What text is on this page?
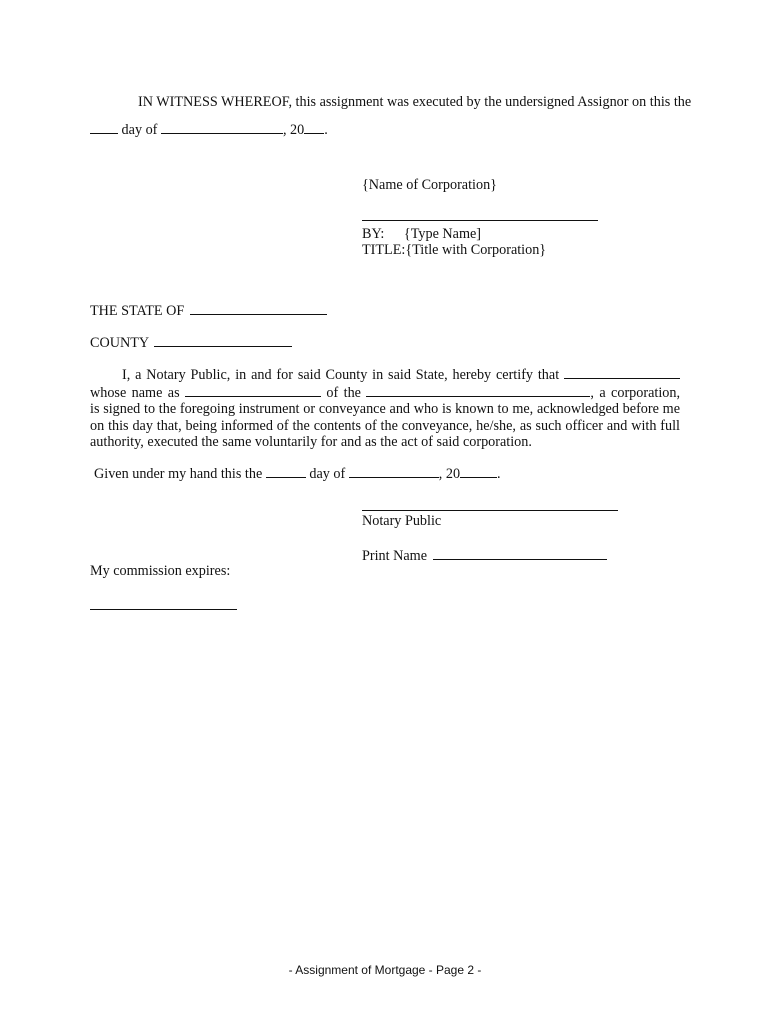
IN WITNESS WHEREOF, this assignment was executed by the undersigned Assignor on this the
day of	, 20 .
{Name of Corporation}
BY: {Type Name]
TITLE:{Title with Corporation}
THE STATE OF
COUNTY
I, a Notary Public, in and for said County in said State, hereby certify that
whose name as	of the	, a corporation,
is signed to the foregoing instrument or conveyance and who is known to me, acknowledged before me on this day that, being informed of the contents of the conveyance, he/she, as such officer and with full authority, executed the same voluntarily for and as the act of said corporation.
Given under my hand this the	day of	, 20	.
Notary Public
Print Name
My commission expires:
- Assignment of Mortgage - Page 2 -
